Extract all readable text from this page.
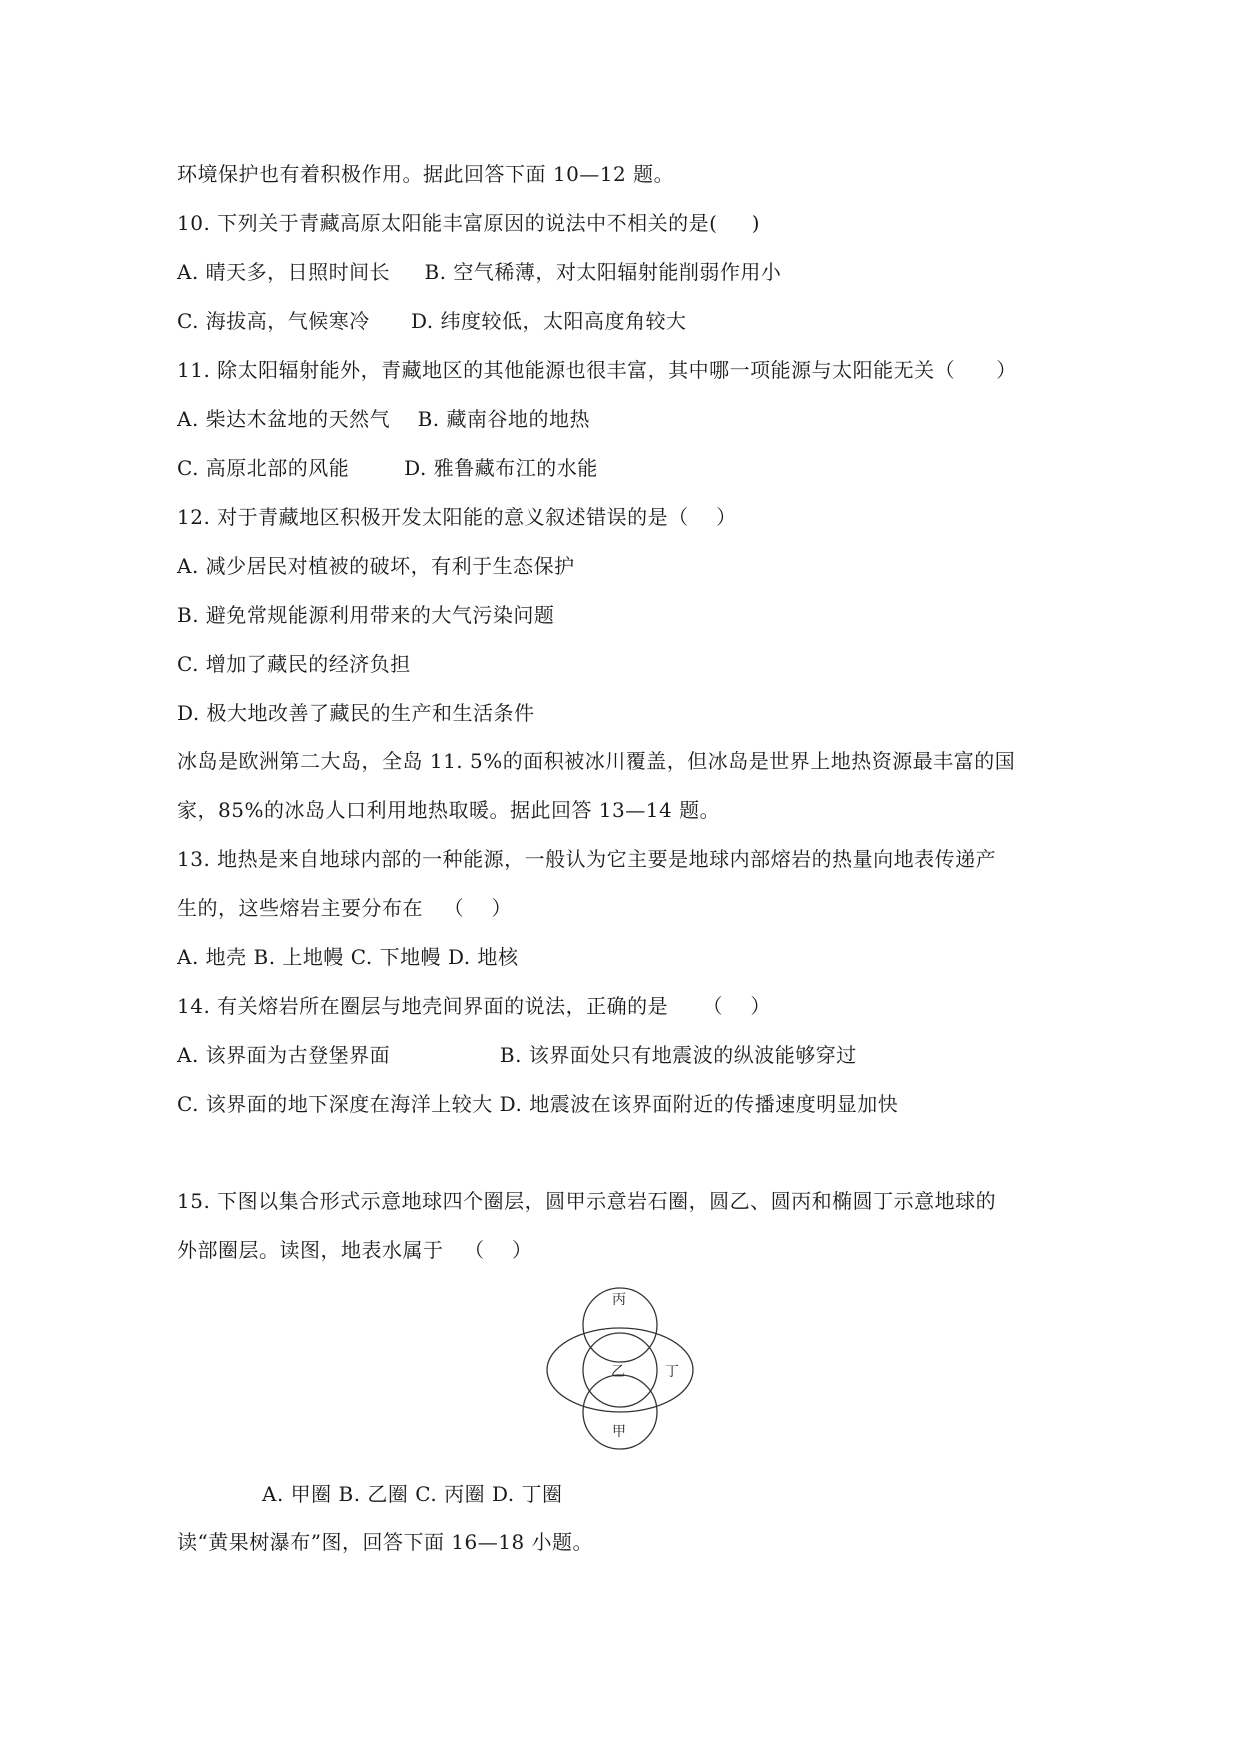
环境保护也有着积极作用。据此回答下面 10—12 题。
10. 下列关于青藏高原太阳能丰富原因的说法中不相关的是(     )
A. 晴天多，日照时间长     B. 空气稀薄，对太阳辐射能削弱作用小
C. 海拔高，气候寒冷      D. 纬度较低，太阳高度角较大
11. 除太阳辐射能外，青藏地区的其他能源也很丰富，其中哪一项能源与太阳能无关（      ）
A. 柴达木盆地的天然气    B. 藏南谷地的地热
C. 高原北部的风能        D. 雅鲁藏布江的水能
12. 对于青藏地区积极开发太阳能的意义叙述错误的是（    ）
A. 减少居民对植被的破坏，有利于生态保护
B. 避免常规能源利用带来的大气污染问题
C. 增加了藏民的经济负担
D. 极大地改善了藏民的生产和生活条件
冰岛是欧洲第二大岛，全岛 11. 5%的面积被冰川覆盖，但冰岛是世界上地热资源最丰富的国
家，85%的冰岛人口利用地热取暖。据此回答 13—14 题。
13. 地热是来自地球内部的一种能源，一般认为它主要是地球内部熔岩的热量向地表传递产
生的，这些熔岩主要分布在   （    ）
A. 地壳 B. 上地幔 C. 下地幔 D. 地核
14. 有关熔岩所在圈层与地壳间界面的说法，正确的是     （    ）
A. 该界面为古登堡界面                B. 该界面处只有地震波的纵波能够穿过
C. 该界面的地下深度在海洋上较大 D. 地震波在该界面附近的传播速度明显加快
15. 下图以集合形式示意地球四个圈层，圆甲示意岩石圈，圆乙、圆丙和椭圆丁示意地球的
外部圈层。读图，地表水属于   （    ）
丙
乙	丁
甲
A. 甲圈 B. 乙圈 C. 丙圈 D. 丁圈
读“黄果树瀑布”图，回答下面 16—18 小题。
